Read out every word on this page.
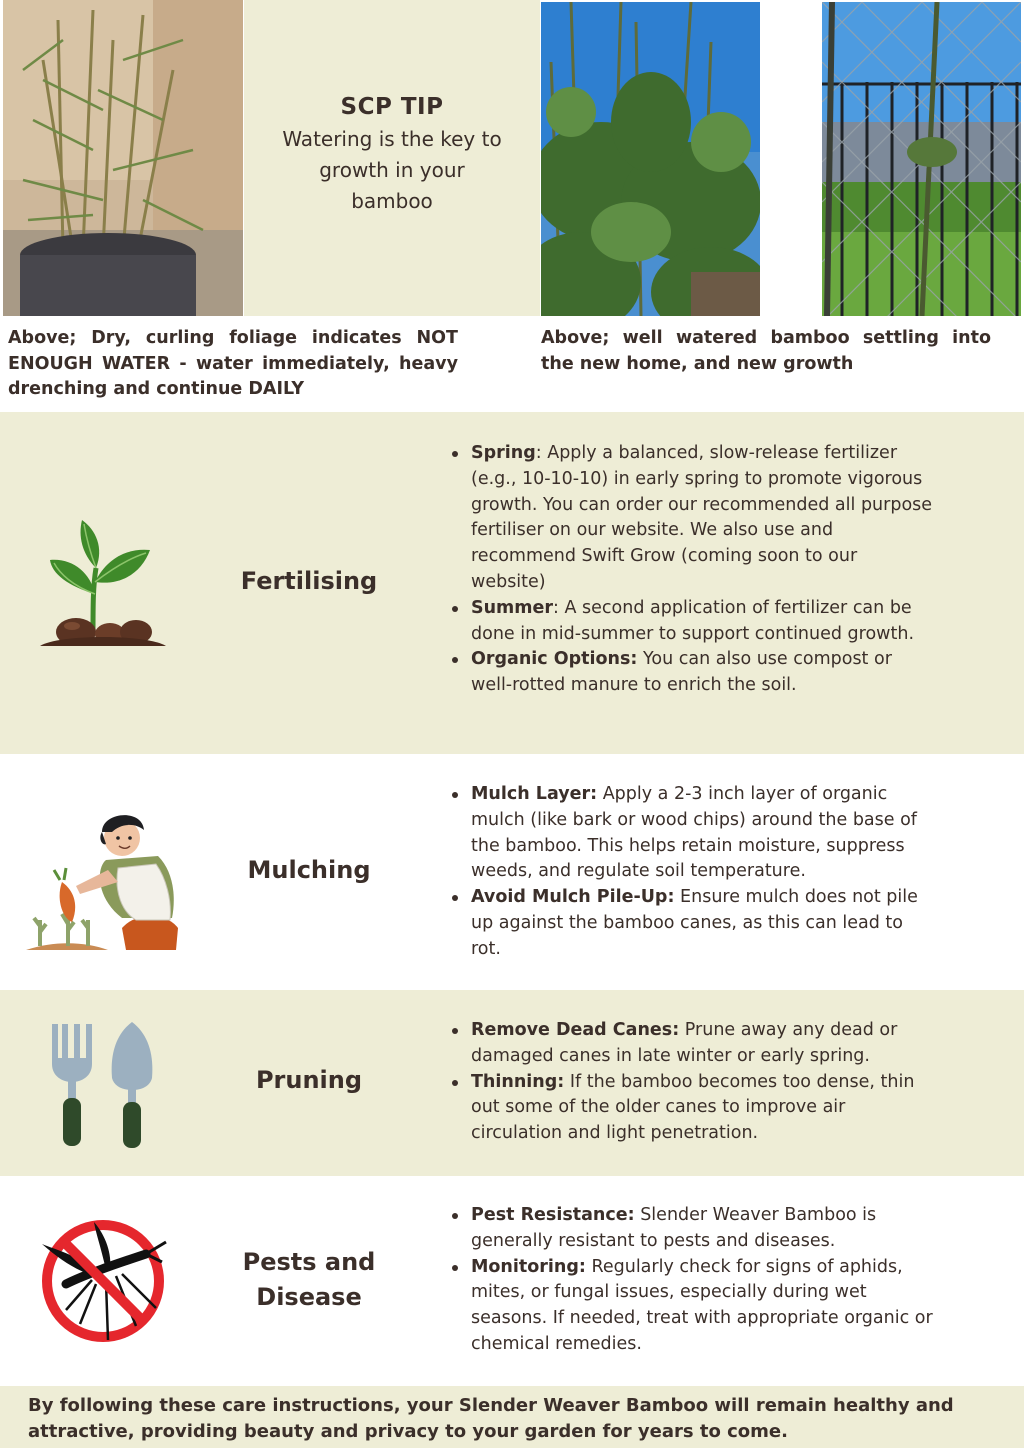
SCP TIP
Watering is the key to growth in your bamboo
Above; Dry, curling foliage indicates NOT ENOUGH WATER - water immediately, heavy drenching and continue DAILY
Above; well watered bamboo settling into the new home, and new growth
Fertilising
Spring: Apply a balanced, slow-release fertilizer (e.g., 10-10-10) in early spring to promote vigorous growth. You can order our recommended all purpose fertiliser on our website. We also use and recommend Swift Grow (coming soon to our website)
Summer: A second application of fertilizer can be done in mid-summer to support continued growth.
Organic Options: You can also use compost or well-rotted manure to enrich the soil.
Mulching
Mulch Layer: Apply a 2-3 inch layer of organic mulch (like bark or wood chips) around the base of the bamboo. This helps retain moisture, suppress weeds, and regulate soil temperature.
Avoid Mulch Pile-Up: Ensure mulch does not pile up against the bamboo canes, as this can lead to rot.
Pruning
Remove Dead Canes: Prune away any dead or damaged canes in late winter or early spring.
Thinning: If the bamboo becomes too dense, thin out some of the older canes to improve air circulation and light penetration.
Pests and Disease
Pest Resistance: Slender Weaver Bamboo is generally resistant to pests and diseases.
Monitoring: Regularly check for signs of aphids, mites, or fungal issues, especially during wet seasons. If needed, treat with appropriate organic or chemical remedies.
By following these care instructions, your Slender Weaver Bamboo will remain healthy and attractive, providing beauty and privacy to your garden for years to come.
